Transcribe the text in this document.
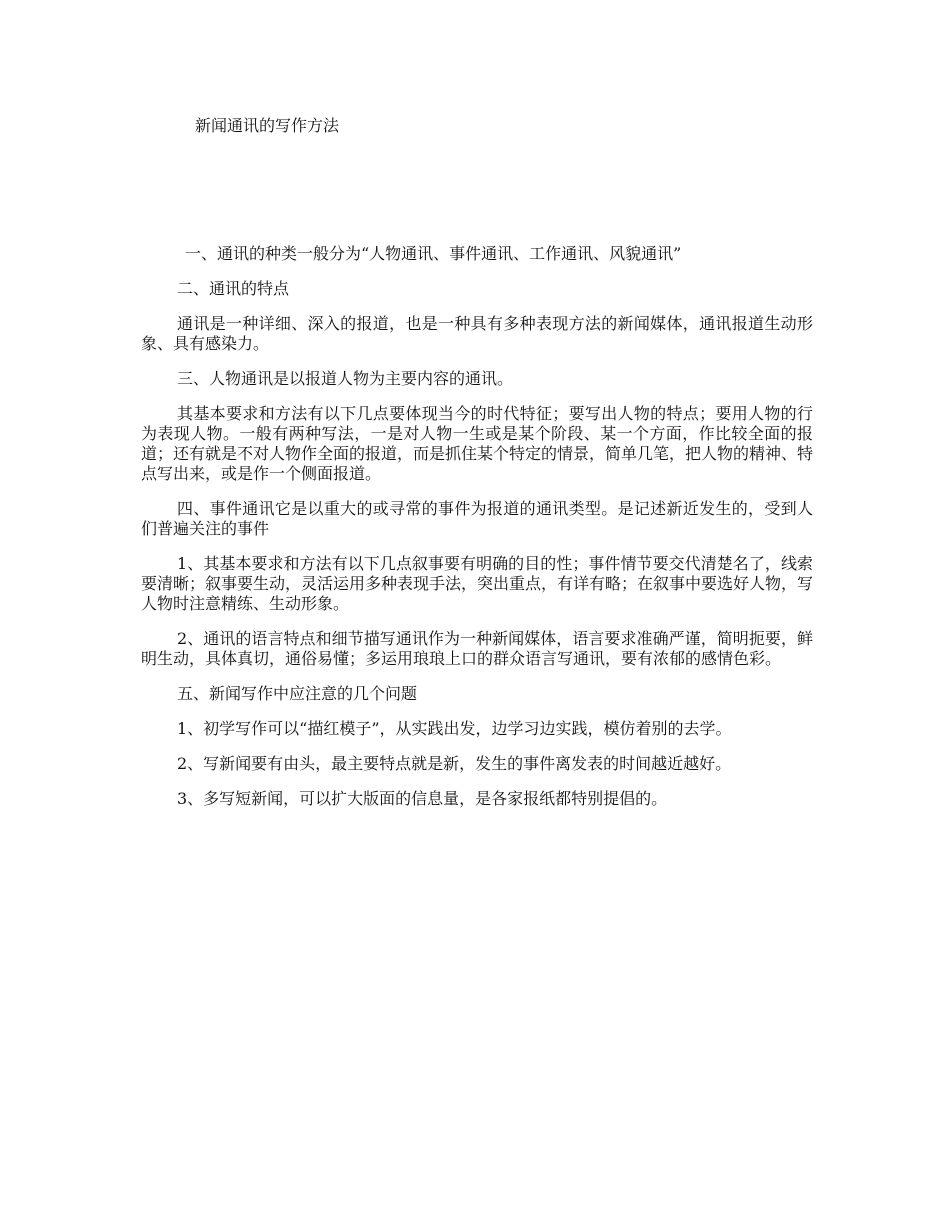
新闻通讯的写作方法

一、通讯的种类一般分为“人物通讯、事件通讯、工作通讯、风貌通讯”

二、通讯的特点

通讯是一种详细、深入的报道，也是一种具有多种表现方法的新闻媒体，通讯报道生动形象、具有感染力。

三、人物通讯是以报道人物为主要内容的通讯。

其基本要求和方法有以下几点要体现当今的时代特征；要写出人物的特点；要用人物的行为表现人物。一般有两种写法，一是对人物一生或是某个阶段、某一个方面，作比较全面的报道；还有就是不对人物作全面的报道，而是抓住某个特定的情景，简单几笔，把人物的精神、特点写出来，或是作一个侧面报道。

四、事件通讯它是以重大的或寻常的事件为报道的通讯类型。是记述新近发生的，受到人们普遍关注的事件

1、其基本要求和方法有以下几点叙事要有明确的目的性；事件情节要交代清楚名了，线索要清晰；叙事要生动，灵活运用多种表现手法，突出重点，有详有略；在叙事中要选好人物，写人物时注意精练、生动形象。

2、通讯的语言特点和细节描写通讯作为一种新闻媒体，语言要求准确严谨，简明扼要，鲜明生动，具体真切，通俗易懂；多运用琅琅上口的群众语言写通讯，要有浓郁的感情色彩。

五、新闻写作中应注意的几个问题

1、初学写作可以“描红模子”，从实践出发，边学习边实践，模仿着别的去学。

2、写新闻要有由头，最主要特点就是新，发生的事件离发表的时间越近越好。

3、多写短新闻，可以扩大版面的信息量，是各家报纸都特别提倡的。
